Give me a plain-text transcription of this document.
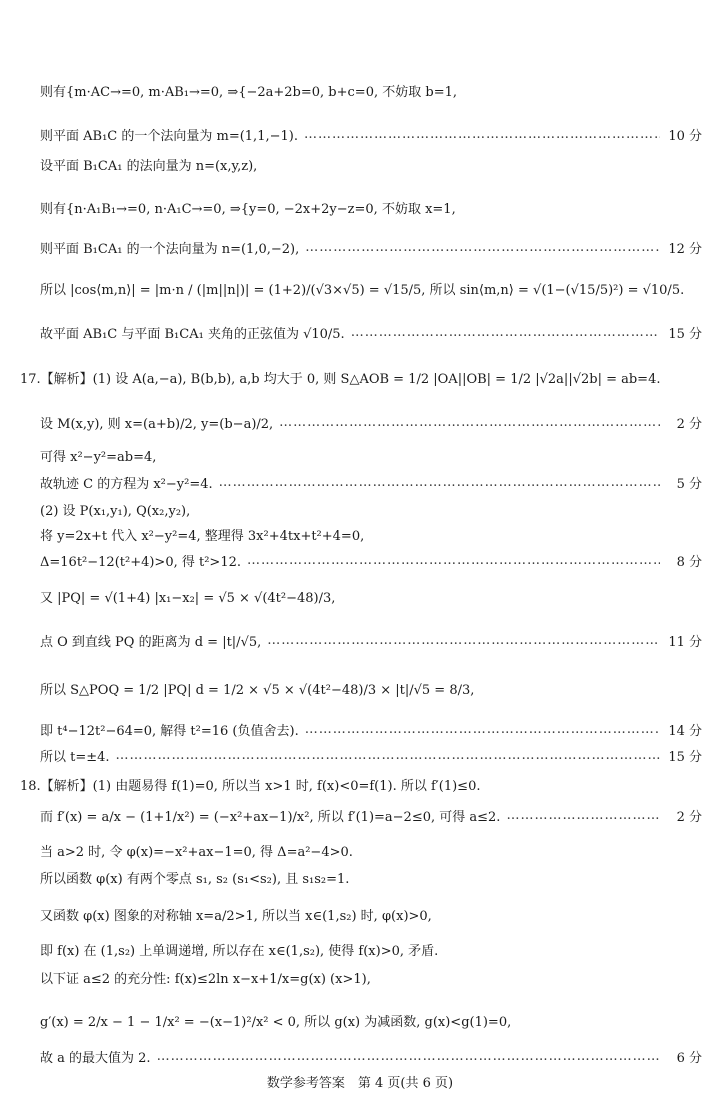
则有{m·AC→=0, m·AB₁→=0, ⇒{−2a+2b=0, b+c=0, 不妨取 b=1,
则平面 AB₁C 的一个法向量为 m=(1,1,−1). ………………………………………………………………………………………………………………………………………………………………………………………………	10 分
设平面 B₁CA₁ 的法向量为 n=(x,y,z),
则有{n·A₁B₁→=0, n·A₁C→=0, ⇒{y=0, −2x+2y−z=0, 不妨取 x=1,
则平面 B₁CA₁ 的一个法向量为 n=(1,0,−2), ………………………………………………………………………………………………………………………………………………………………………………………………	12 分
所以 |cos⟨m,n⟩| = |m·n / (|m||n|)| = (1+2)/(√3×√5) = √15/5, 所以 sin⟨m,n⟩ = √(1−(√15/5)²) = √10/5.
故平面 AB₁C 与平面 B₁CA₁ 夹角的正弦值为 √10/5. ………………………………………………………………………………………………………………………………………………………………………………………………	15 分
17.【解析】(1) 设 A(a,−a), B(b,b), a,b 均大于 0, 则 S△AOB = 1/2 |OA||OB| = 1/2 |√2a||√2b| = ab=4.
设 M(x,y), 则 x=(a+b)/2, y=(b−a)/2, ………………………………………………………………………………………………………………………………………………………………………………………………	2 分
可得 x²−y²=ab=4,
故轨迹 C 的方程为 x²−y²=4. ………………………………………………………………………………………………………………………………………………………………………………………………	5 分
(2) 设 P(x₁,y₁), Q(x₂,y₂),
将 y=2x+t 代入 x²−y²=4, 整理得 3x²+4tx+t²+4=0,
Δ=16t²−12(t²+4)>0, 得 t²>12. ………………………………………………………………………………………………………………………………………………………………………………………………	8 分
又 |PQ| = √(1+4) |x₁−x₂| = √5 × √(4t²−48)/3,
点 O 到直线 PQ 的距离为 d = |t|/√5, ………………………………………………………………………………………………………………………………………………………………………………………………	11 分
所以 S△POQ = 1/2 |PQ| d = 1/2 × √5 × √(4t²−48)/3 × |t|/√5 = 8/3,
即 t⁴−12t²−64=0, 解得 t²=16 (负值舍去). ………………………………………………………………………………………………………………………………………………………………………………………………	14 分
所以 t=±4. ………………………………………………………………………………………………………………………………………………………………………………………………	15 分
18.【解析】(1) 由题易得 f(1)=0, 所以当 x>1 时, f(x)<0=f(1). 所以 f′(1)≤0.
而 f′(x) = a/x − (1+1/x²) = (−x²+ax−1)/x², 所以 f′(1)=a−2≤0, 可得 a≤2. ………………………………………………………………………………………………………………………………………………………………………………………………	2 分
当 a>2 时, 令 φ(x)=−x²+ax−1=0, 得 Δ=a²−4>0.
所以函数 φ(x) 有两个零点 s₁, s₂ (s₁<s₂), 且 s₁s₂=1.
又函数 φ(x) 图象的对称轴 x=a/2>1, 所以当 x∈(1,s₂) 时, φ(x)>0,
即 f(x) 在 (1,s₂) 上单调递增, 所以存在 x∈(1,s₂), 使得 f(x)>0, 矛盾.
以下证 a≤2 的充分性: f(x)≤2ln x−x+1/x=g(x) (x>1),
g′(x) = 2/x − 1 − 1/x² = −(x−1)²/x² < 0, 所以 g(x) 为减函数, g(x)<g(1)=0,
故 a 的最大值为 2. ………………………………………………………………………………………………………………………………………………………………………………………………	6 分
数学参考答案　第 4 页(共 6 页)
